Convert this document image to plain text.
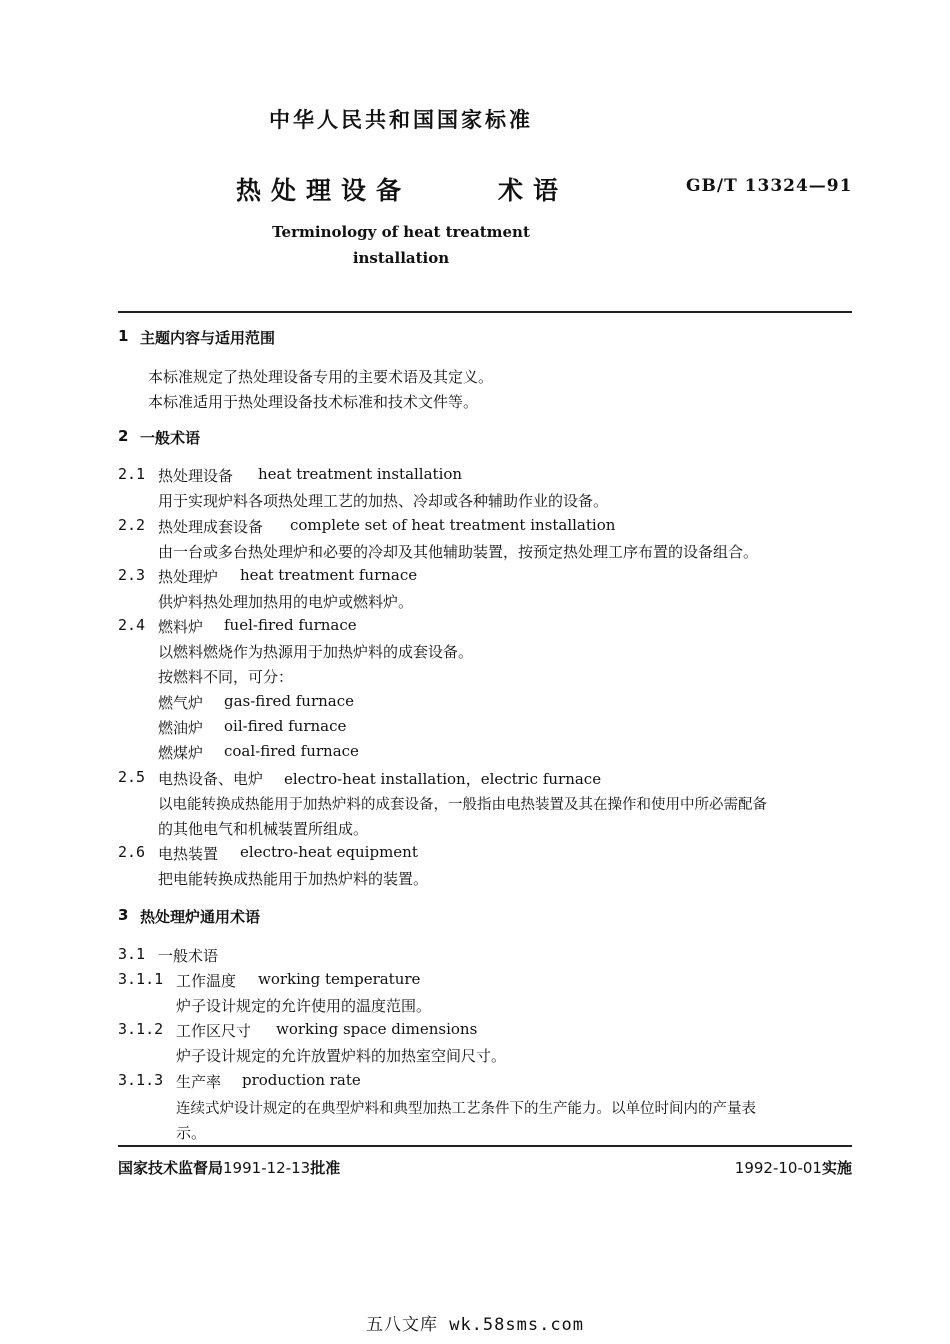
中华人民共和国国家标准
热处理设备	术语	GB/T 13324—91
Terminology of heat treatment installation
1 主题内容与适用范围
本标准规定了热处理设备专用的主要术语及其定义。
本标准适用于热处理设备技术标准和技术文件等。
2 一般术语
2.1 热处理设备 heat treatment installation
用于实现炉料各项热处理工艺的加热、冷却或各种辅助作业的设备。
2.2 热处理成套设备 complete set of heat treatment installation
由一台或多台热处理炉和必要的冷却及其他辅助装置，按预定热处理工序布置的设备组合。
2.3 热处理炉 heat treatment furnace
供炉料热处理加热用的电炉或燃料炉。
2.4 燃料炉 fuel-fired furnace
以燃料燃烧作为热源用于加热炉料的成套设备。
按燃料不同，可分：
燃气炉 gas-fired furnace
燃油炉 oil-fired furnace
燃煤炉 coal-fired furnace
2.5 电热设备、电炉 electro-heat installation，electric furnace
以电能转换成热能用于加热炉料的成套设备，一般指由电热装置及其在操作和使用中所必需配备
的其他电气和机械装置所组成。
2.6 电热装置 electro-heat equipment
把电能转换成热能用于加热炉料的装置。
3 热处理炉通用术语
3.1 一般术语
3.1.1 工作温度 working temperature
炉子设计规定的允许使用的温度范围。
3.1.2 工作区尺寸 working space dimensions
炉子设计规定的允许放置炉料的加热室空间尺寸。
3.1.3 生产率 production rate
连续式炉设计规定的在典型炉料和典型加热工艺条件下的生产能力。以单位时间内的产量表
示。
国家技术监督局1991-12-13批准	1992-10-01实施
五八文库 wk.58sms.com
